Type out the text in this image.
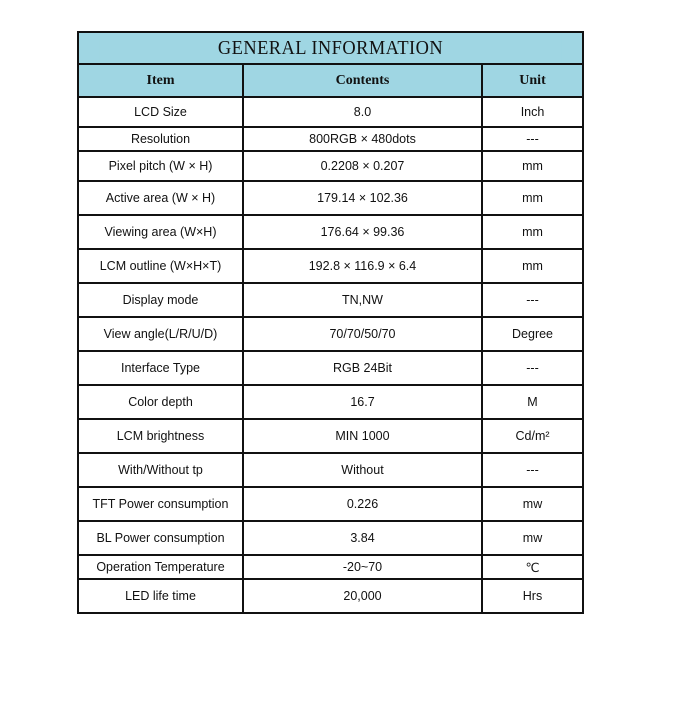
GENERAL INFORMATION		

Item	Contents	Unit
LCD Size	8.0	Inch
Resolution	800RGB × 480dots	---
Pixel pitch (W × H)	0.2208 × 0.207	mm
Active area (W × H)	179.14 × 102.36	mm
Viewing area (W×H)	176.64 × 99.36	mm
LCM outline (W×H×T)	192.8 × 116.9 × 6.4	mm
Display mode	TN,NW	---
View angle(L/R/U/D)	70/70/50/70	Degree
Interface Type	RGB 24Bit	---
Color depth	16.7	M
LCM brightness	MIN 1000	Cd/m²
With/Without tp	Without	---
TFT Power consumption	0.226	mw
BL Power consumption	3.84	mw
Operation Temperature	-20~70	℃
LED life time	20,000	Hrs
